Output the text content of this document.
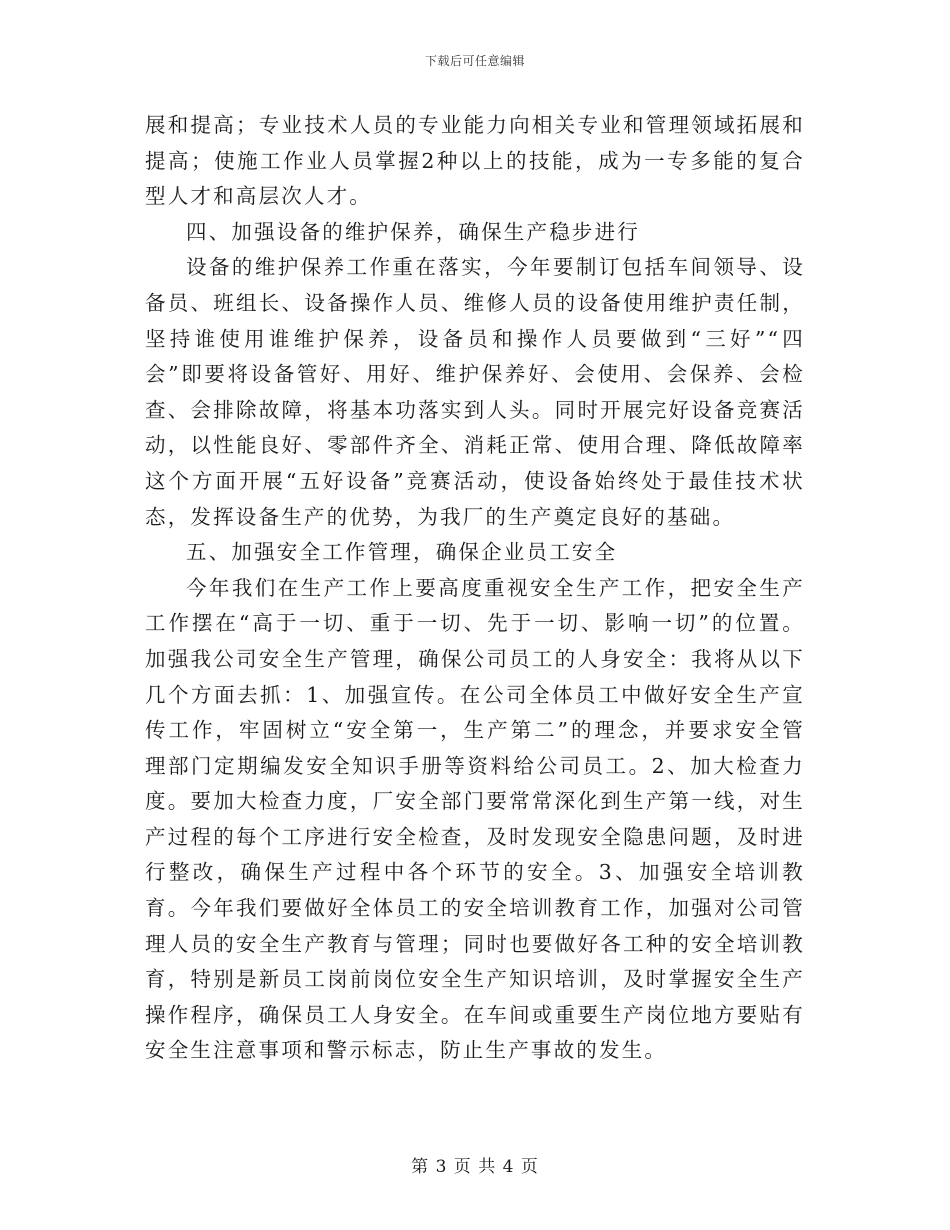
下载后可任意编辑

展和提高；专业技术人员的专业能力向相关专业和管理领域拓展和提高；使施工作业人员掌握2种以上的技能，成为一专多能的复合型人才和高层次人才。

四、加强设备的维护保养，确保生产稳步进行

设备的维护保养工作重在落实，今年要制订包括车间领导、设备员、班组长、设备操作人员、维修人员的设备使用维护责任制，坚持谁使用谁维护保养，设备员和操作人员要做到“三好”“四会”即要将设备管好、用好、维护保养好、会使用、会保养、会检查、会排除故障，将基本功落实到人头。同时开展完好设备竞赛活动，以性能良好、零部件齐全、消耗正常、使用合理、降低故障率这个方面开展“五好设备”竞赛活动，使设备始终处于最佳技术状态，发挥设备生产的优势，为我厂的生产奠定良好的基础。

五、加强安全工作管理，确保企业员工安全

今年我们在生产工作上要高度重视安全生产工作，把安全生产工作摆在“高于一切、重于一切、先于一切、影响一切”的位置。加强我公司安全生产管理，确保公司员工的人身安全：我将从以下几个方面去抓：1、加强宣传。在公司全体员工中做好安全生产宣传工作，牢固树立“安全第一，生产第二”的理念，并要求安全管理部门定期编发安全知识手册等资料给公司员工。2、加大检查力度。要加大检查力度，厂安全部门要常常深化到生产第一线，对生产过程的每个工序进行安全检查，及时发现安全隐患问题，及时进行整改，确保生产过程中各个环节的安全。3、加强安全培训教育。今年我们要做好全体员工的安全培训教育工作，加强对公司管理人员的安全生产教育与管理；同时也要做好各工种的安全培训教育，特别是新员工岗前岗位安全生产知识培训，及时掌握安全生产操作程序，确保员工人身安全。在车间或重要生产岗位地方要贴有安全生注意事项和警示标志，防止生产事故的发生。

第 3 页 共 4 页
